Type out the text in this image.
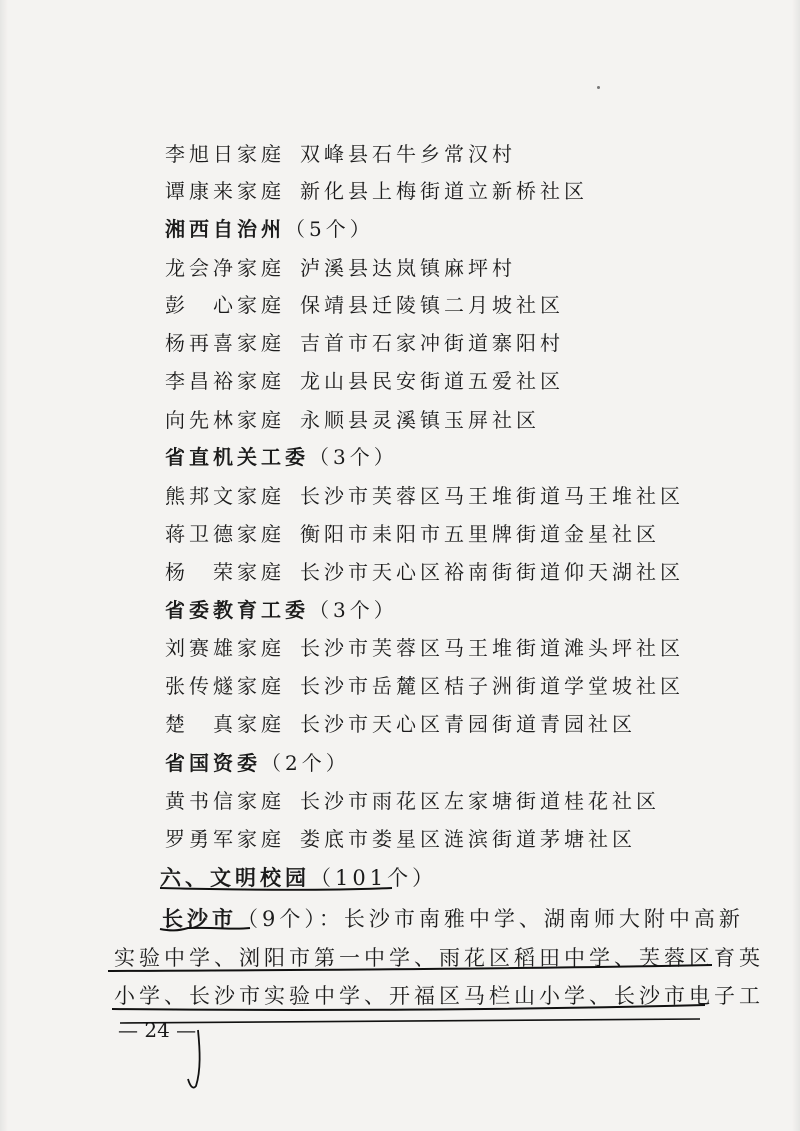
李旭日家庭 双峰县石牛乡常汉村
谭康来家庭 新化县上梅街道立新桥社区
湘西自治州（5个）
龙会净家庭 泸溪县达岚镇麻坪村
彭　心家庭 保靖县迁陵镇二月坡社区
杨再喜家庭 吉首市石家冲街道寨阳村
李昌裕家庭 龙山县民安街道五爱社区
向先林家庭 永顺县灵溪镇玉屏社区
省直机关工委（3个）
熊邦文家庭 长沙市芙蓉区马王堆街道马王堆社区
蒋卫德家庭 衡阳市耒阳市五里牌街道金星社区
杨　荣家庭 长沙市天心区裕南街街道仰天湖社区
省委教育工委（3个）
刘赛雄家庭 长沙市芙蓉区马王堆街道滩头坪社区
张传燧家庭 长沙市岳麓区桔子洲街道学堂坡社区
楚　真家庭 长沙市天心区青园街道青园社区
省国资委（2个）
黄书信家庭 长沙市雨花区左家塘街道桂花社区
罗勇军家庭 娄底市娄星区涟滨街道茅塘社区
六、文明校园（101个）
长沙市（9个）：长沙市南雅中学、湖南师大附中高新
实验中学、浏阳市第一中学、雨花区稻田中学、芙蓉区育英
小学、长沙市实验中学、开福区马栏山小学、长沙市电子工
— 24 —
